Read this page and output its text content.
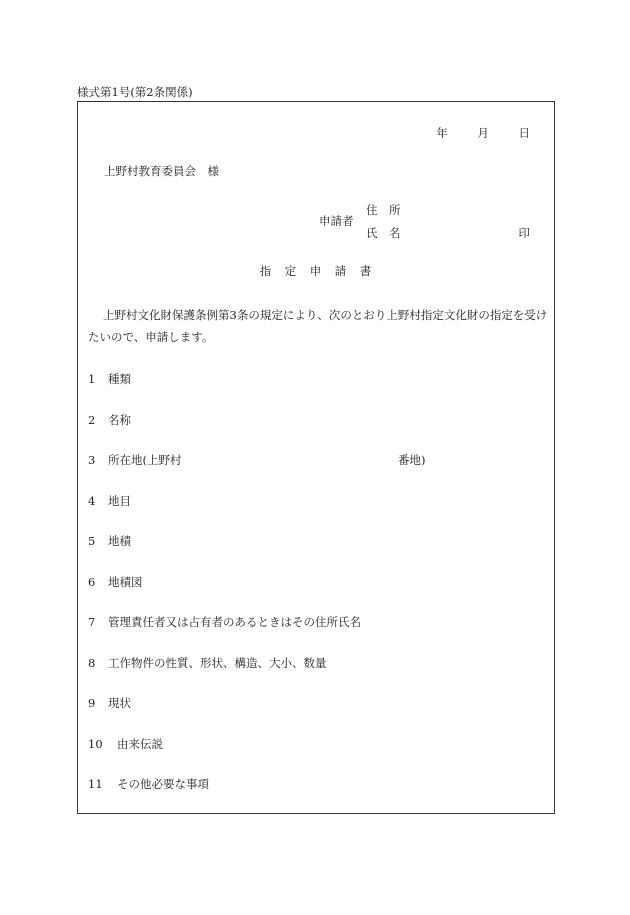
様式第1号(第2条関係)
年	月	日
上野村教育委員会　様
申請者
住　所
氏　名	印
指　定　申　請　書
上野村文化財保護条例第3条の規定により、次のとおり上野村指定文化財の指定を受けたいので、申請します。
1 種類
2 名称
3 所在地(上野村	番地)
4 地目
5 地積
6 地積図
7 管理責任者又は占有者のあるときはその住所氏名
8 工作物件の性質、形状、構造、大小、数量
9 現状
10 由来伝説
11 その他必要な事項
